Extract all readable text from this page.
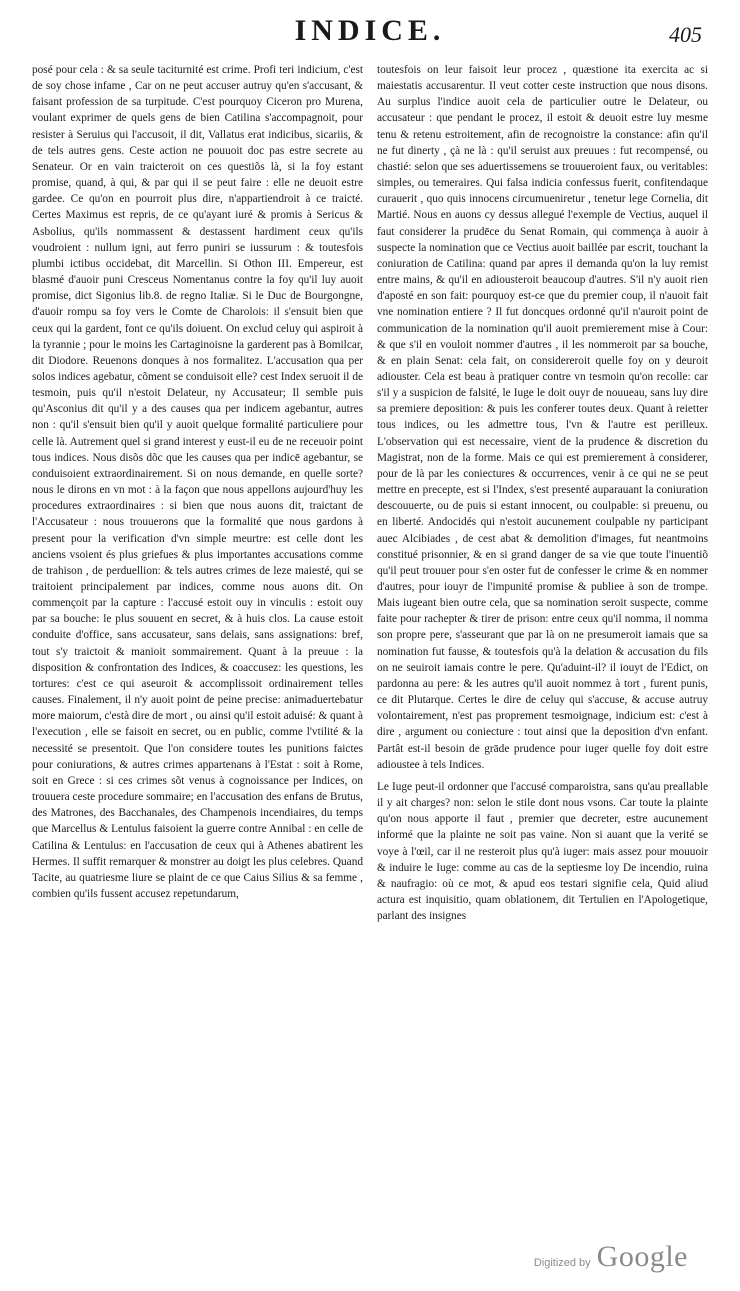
INDICE.	405

posé pour cela : & sa seule taciturnité est crime. Profi teri indicium, c'est de soy chose infame , Car on ne peut accuser autruy qu'en s'accusant, & faisant profession de sa turpitude. C'est pourquoy Ciceron pro Murena, voulant exprimer de quels gens de bien Catilina s'accompagnoit, pour resister à Seruius qui l'accusoit, il dit, Vallatus erat indicibus, sicariis, & de tels autres gens. Ceste action ne pouuoit doc pas estre secrete au Senateur. Or en vain traicteroit on ces questiõs là, si la foy estant promise, quand, à qui, & par qui il se peut faire : elle ne deuoit estre gardee. Ce qu'on en pourroit plus dire, n'appartiendroit à ce traicté. Certes Maximus est repris, de ce qu'ayant iuré & promis à Sericus & Asbolius, qu'ils nommassent & destassent hardiment ceux qu'ils voudroient : nullum igni, aut ferro puniri se iussurum : & toutesfois plumbi ictibus occidebat, dit Marcellin. Si Othon III. Empereur, est blasmé d'auoir puni Cresceus Nomentanus contre la foy qu'il luy auoit promise, dict Sigonius lib.8. de regno Italiæ. Si le Duc de Bourgongne, d'auoir rompu sa foy vers le Comte de Charolois: il s'ensuit bien que ceux qui la gardent, font ce qu'ils doiuent. On exclud celuy qui aspiroit à la tyrannie ; pour le moins les Cartaginoisne la garderent pas à Bomilcar, dit Diodore. Reuenons donques à nos formalitez. L'accusation qua per solos indices agebatur, cõment se conduisoit elle? cest Index seruoit il de tesmoin, puis qu'il n'estoit Delateur, ny Accusateur; Il semble puis qu'Asconius dit qu'il y a des causes qua per indicem agebantur, autres non : qu'il s'ensuit bien qu'il y auoit quelque formalité particuliere pour celle là. Autrement quel si grand interest y eust-il eu de ne receuoir point tous indices. Nous disõs dõc que les causes qua per indicē agebantur, se conduisoient extraordinairement. Si on nous demande, en quelle sorte? nous le dirons en vn mot : à la façon que nous appellons aujourd'huy les procedures extraordinaires : si bien que nous auons dit, traictant de l'Accusateur : nous trouuerons que la formalité que nous gardons à present pour la verification d'vn simple meurtre: est celle dont les anciens vsoient és plus griefues & plus importantes accusations comme de trahison , de perduellion: & tels autres crimes de leze maiesté, qui se traitoient principalement par indices, comme nous auons dit. On commençoit par la capture : l'accusé estoit ouy in vinculis : estoit ouy par sa bouche: le plus souuent en secret, & à huis clos. La cause estoit conduite d'office, sans accusateur, sans delais, sans assignations: bref, tout s'y traictoit & manioit sommairement. Quant à la preuue : la disposition & confrontation des Indices, & coaccusez: les questions, les tortures: c'est ce qui aseuroit & accomplissoit ordinairement telles causes. Finalement, il n'y auoit point de peine precise: animaduertebatur more maiorum, c'està dire de mort , ou ainsi qu'il estoit aduisé: & quant à l'execution , elle se faisoit en secret, ou en public, comme l'vtilité & la necessité se presentoit. Que l'on considere toutes les punitions faictes pour coniurations, & autres crimes appartenans à l'Estat : soit à Rome, soit en Grece : si ces crimes sõt venus à cognoissance per Indices, on trouuera ceste procedure sommaire; en l'accusation des enfans de Brutus, des Matrones, des Bacchanales, des Champenois incendiaires, du temps que Marcellus & Lentulus faisoient la guerre contre Annibal : en celle de Catilina & Lentulus: en l'accusation de ceux qui à Athenes abatirent les Hermes. Il suffit remarquer & monstrer au doigt les plus celebres. Quand Tacite, au quatriesme liure se plaint de ce que Caius Silius & sa femme , combien qu'ils fussent accusez repetundarum,

toutesfois on leur faisoit leur procez , quæstione ita exercita ac si maiestatis accusarentur. Il veut cotter ceste instruction que nous disons. Au surplus l'indice auoit cela de particulier outre le Delateur, ou accusateur : que pendant le procez, il estoit & deuoit estre luy mesme tenu & retenu estroitement, afin de recognoistre la constance: afin qu'il ne fut dinerty , çà ne là : qu'il seruist aux preuues : fut recompensé, ou chastié: selon que ses aduertissemens se trouueroient faux, ou veritables: simples, ou temeraires. Qui falsa indicia confessus fuerit, confitendaque curauerit , quo quis innocens circumueniretur , tenetur lege Cornelia, dit Martié. Nous en auons cy dessus allegué l'exemple de Vectius, auquel il faut considerer la prudēce du Senat Romain, qui commença à auoir à suspecte la nomination que ce Vectius auoit baillée par escrit, touchant la coniuration de Catilina: quand par apres il demanda qu'on la luy remist entre mains, & qu'il en adiousteroit beaucoup d'autres. S'il n'y auoit rien d'aposté en son fait: pourquoy est-ce que du premier coup, il n'auoit fait vne nomination entiere ? Il fut doncques ordonné qu'il n'auroit point de communication de la nomination qu'il auoit premierement mise à Cour: & que s'il en vouloit nommer d'autres , il les nommeroit par sa bouche, & en plain Senat: cela fait, on considereroit quelle foy on y deuroit adiouster. Cela est beau à pratiquer contre vn tesmoin qu'on recolle: car s'il y a suspicion de falsité, le Iuge le doit ouyr de nouueau, sans luy dire sa premiere deposition: & puis les conferer toutes deux. Quant à reietter tous indices, ou les admettre tous, l'vn & l'autre est perilleux. L'observation qui est necessaire, vient de la prudence & discretion du Magistrat, non de la forme. Mais ce qui est premierement à considerer, pour de là par les coniectures & occurrences, venir à ce qui ne se peut mettre en precepte, est si l'Index, s'est presenté auparauant la coniuration descouuerte, ou de puis si estant innocent, ou coulpable: si preuenu, ou en liberté. Andocidés qui n'estoit aucunement coulpable ny participant auec Alcibiades , de cest abat & demolition d'images, fut neantmoins constitué prisonnier, & en si grand danger de sa vie que toute l'inuentiõ qu'il peut trouuer pour s'en oster fut de confesser le crime & en nommer d'autres, pour iouyr de l'impunité promise & publiee à son de trompe. Mais iugeant bien outre cela, que sa nomination seroit suspecte, comme faite pour rachepter & tirer de prison: entre ceux qu'il nomma, il nomma son propre pere, s'asseurant que par là on ne presumeroit iamais que sa nomination fut fausse, & toutesfois qu'à la delation & accusation du fils on ne seuiroit iamais contre le pere. Qu'aduint-il? il iouyt de l'Edict, on pardonna au pere: & les autres qu'il auoit nommez à tort , furent punis, ce dit Plutarque. Certes le dire de celuy qui s'accuse, & accuse autruy volontairement, n'est pas proprement tesmoignage, indicium est: c'est à dire , argument ou coniecture : tout ainsi que la deposition d'vn enfant. Partât est-il besoin de grāde prudence pour iuger quelle foy doit estre adioustee à tels Indices.

Le Iuge peut-il ordonner que l'accusé comparoistra, sans qu'au preallable il y ait charges? non: selon le stile dont nous vsons. Car toute la plainte qu'on nous apporte il faut , premier que decreter, estre aucunement informé que la plainte ne soit pas vaine. Non si auant que la verité se voye à l'œil, car il ne resteroit plus qu'à iuger: mais assez pour mouuoir & induire le Iuge: comme au cas de la septiesme loy De incendio, ruina & naufragio: où ce mot, & apud eos testari signifie cela, Quid aliud actura est inquisitio, quam oblationem, dit Tertulien en l'Apologetique, parlant des insignes

Digitized by Google
